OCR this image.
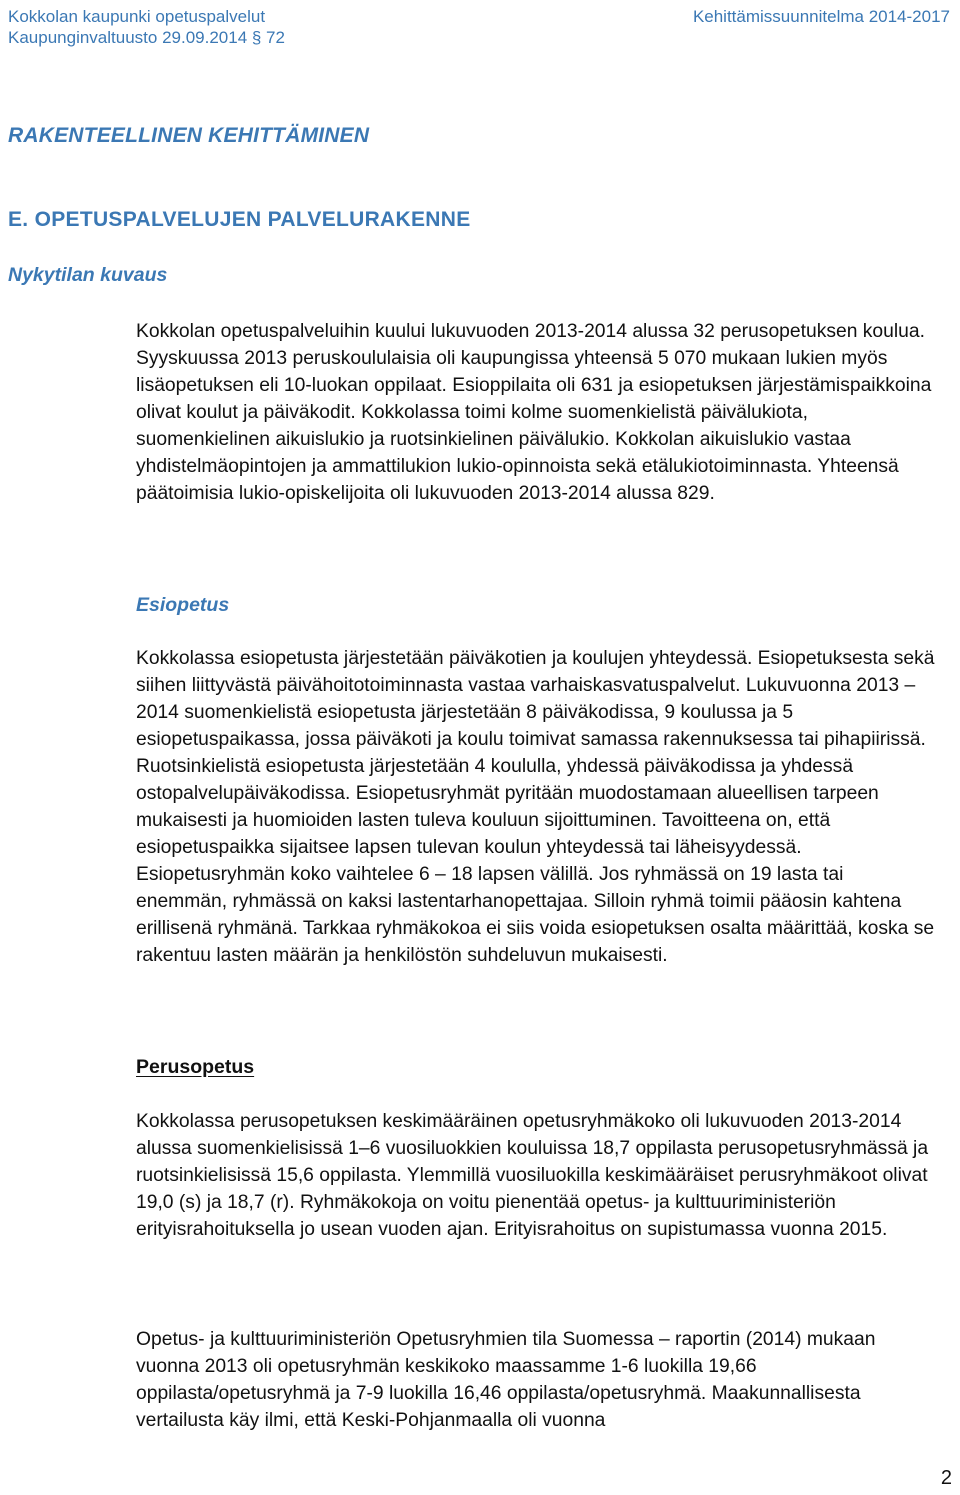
Kokkolan kaupunki opetuspalvelut
Kaupunginvaltuusto 29.09.2014 § 72
Kehittämissuunnitelma 2014-2017
RAKENTEELLINEN KEHITTÄMINEN
E. OPETUSPALVELUJEN PALVELURAKENNE
Nykytilan kuvaus

Kokkolan opetuspalveluihin kuului lukuvuoden 2013-2014 alussa 32 perusopetuksen koulua. Syyskuussa 2013 peruskoululaisia oli kaupungissa yhteensä 5 070 mukaan lukien myös lisäopetuksen eli 10-luokan oppilaat. Esioppilaita oli 631 ja esiopetuksen järjestämispaikkoina olivat koulut ja päiväkodit. Kokkolassa toimi kolme suomenkielistä päivälukiota, suomenkielinen aikuislukio ja ruotsinkielinen päivälukio. Kokkolan aikuislukio vastaa yhdistelmäopintojen ja ammattilukion lukio-opinnoista sekä etälukiotoiminnasta. Yhteensä päätoimisia lukio-opiskelijoita oli lukuvuoden 2013-2014 alussa 829.

Esiopetus

Kokkolassa esiopetusta järjestetään päiväkotien ja koulujen yhteydessä. Esiopetuksesta sekä siihen liittyvästä päivähoitotoiminnasta vastaa varhaiskasvatuspalvelut. Lukuvuonna 2013 – 2014 suomenkielistä esiopetusta järjestetään 8 päiväkodissa, 9 koulussa ja 5 esiopetuspaikassa, jossa päiväkoti ja koulu toimivat samassa rakennuksessa tai pihapiirissä. Ruotsinkielistä esiopetusta järjestetään 4 koululla, yhdessä päiväkodissa ja yhdessä ostopalvelupäiväkodissa. Esiopetusryhmät pyritään muodostamaan alueellisen tarpeen mukaisesti ja huomioiden lasten tuleva kouluun sijoittuminen. Tavoitteena on, että esiopetuspaikka sijaitsee lapsen tulevan koulun yhteydessä tai läheisyydessä. Esiopetusryhmän koko vaihtelee 6 – 18 lapsen välillä. Jos ryhmässä on 19 lasta tai enemmän, ryhmässä on kaksi lastentarhanopettajaa. Silloin ryhmä toimii pääosin kahtena erillisenä ryhmänä. Tarkkaa ryhmäkokoa ei siis voida esiopetuksen osalta määrittää, koska se rakentuu lasten määrän ja henkilöstön suhdeluvun mukaisesti.

Perusopetus

Kokkolassa perusopetuksen keskimääräinen opetusryhmäkoko oli lukuvuoden 2013-2014 alussa suomenkielisissä 1–6 vuosiluokkien kouluissa 18,7 oppilasta perusopetusryhmässä ja ruotsinkielisissä 15,6 oppilasta. Ylemmillä vuosiluokilla keskimääräiset perusryhmäkoot olivat 19,0 (s) ja 18,7 (r). Ryhmäkokoja on voitu pienentää opetus- ja kulttuuriministeriön erityisrahoituksella jo usean vuoden ajan. Erityisrahoitus on supistumassa vuonna 2015.

Opetus- ja kulttuuriministeriön Opetusryhmien tila Suomessa – raportin (2014) mukaan vuonna 2013 oli opetusryhmän keskikoko maassamme 1-6 luokilla 19,66 oppilasta/opetusryhmä ja 7-9 luokilla 16,46 oppilasta/opetusryhmä. Maakunnallisesta vertailusta käy ilmi, että Keski-Pohjanmaalla oli vuonna

2
